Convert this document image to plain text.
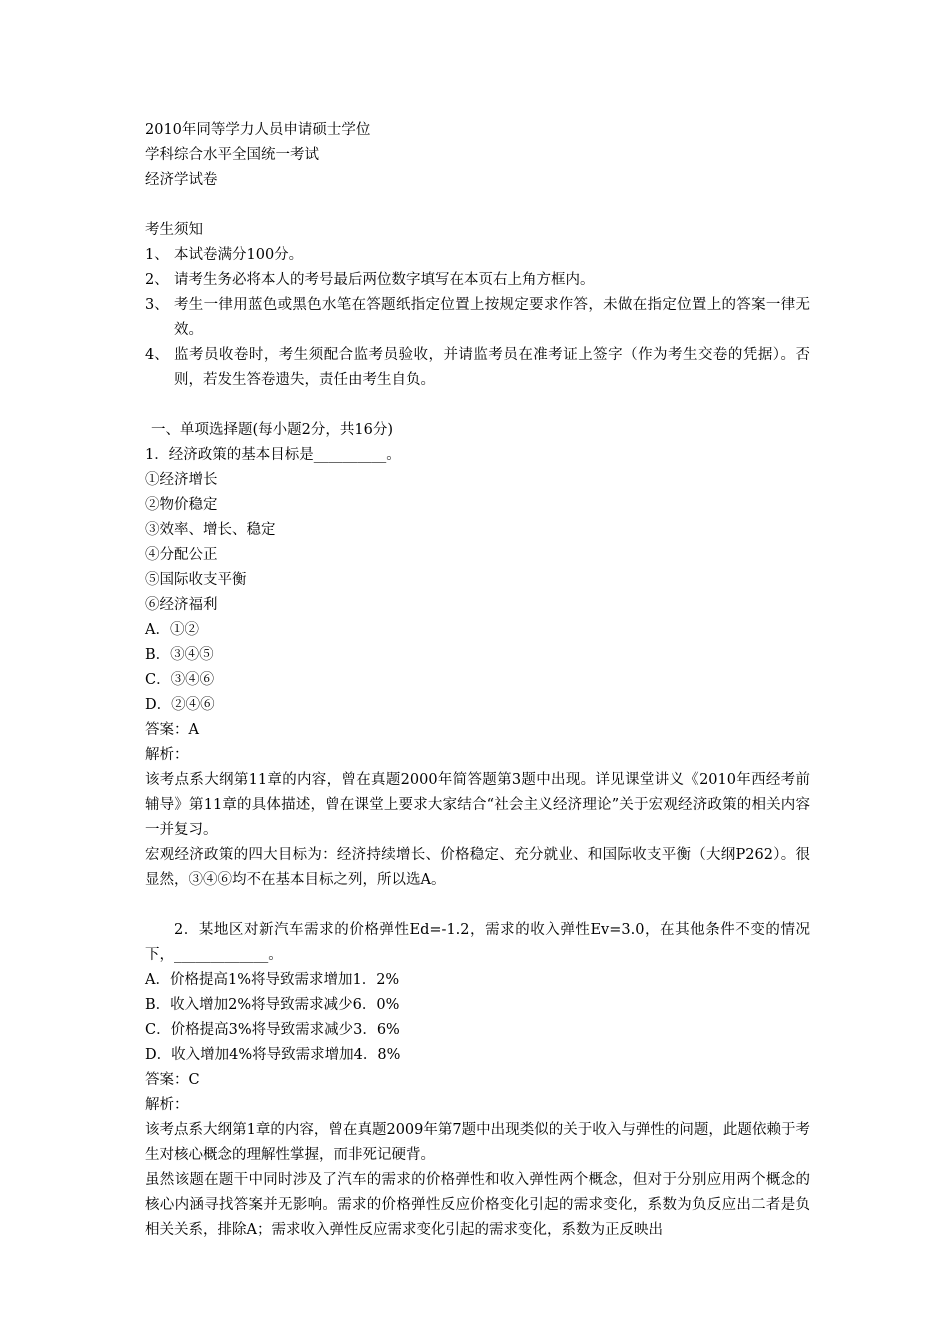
2010年同等学力人员申请硕士学位
学科综合水平全国统一考试
经济学试卷
考生须知
1、 本试卷满分100分。
2、 请考生务必将本人的考号最后两位数字填写在本页右上角方框内。
3、 考生一律用蓝色或黑色水笔在答题纸指定位置上按规定要求作答，未做在指定位置上的答案一律无效。
4、 监考员收卷时，考生须配合监考员验收，并请监考员在准考证上签字（作为考生交卷的凭据）。否则，若发生答卷遗失，责任由考生自负。
一、单项选择题(每小题2分，共16分)
1．经济政策的基本目标是__________。
①经济增长
②物价稳定
③效率、增长、稳定
④分配公正
⑤国际收支平衡
⑥经济福利
A．①②
B．③④⑤
C．③④⑥
D．②④⑥
答案：A
解析：
该考点系大纲第11章的内容，曾在真题2000年简答题第3题中出现。详见课堂讲义《2010年西经考前辅导》第11章的具体描述，曾在课堂上要求大家结合“社会主义经济理论”关于宏观经济政策的相关内容一并复习。
宏观经济政策的四大目标为：经济持续增长、价格稳定、充分就业、和国际收支平衡（大纲P262）。很显然，③④⑥均不在基本目标之列，所以选A。
2．某地区对新汽车需求的价格弹性Ed=-1.2，需求的收入弹性Ev=3.0，在其他条件不变的情况下，_____________。
A．价格提高1%将导致需求增加1．2%
B．收入增加2%将导致需求减少6．0%
C．价格提高3%将导致需求减少3．6%
D．收入增加4%将导致需求增加4．8%
答案：C
解析：
该考点系大纲第1章的内容，曾在真题2009年第7题中出现类似的关于收入与弹性的问题，此题依赖于考生对核心概念的理解性掌握，而非死记硬背。
虽然该题在题干中同时涉及了汽车的需求的价格弹性和收入弹性两个概念，但对于分别应用两个概念的核心内涵寻找答案并无影响。需求的价格弹性反应价格变化引起的需求变化，系数为负反应出二者是负相关关系，排除A；需求收入弹性反应需求变化引起的需求变化，系数为正反映出
